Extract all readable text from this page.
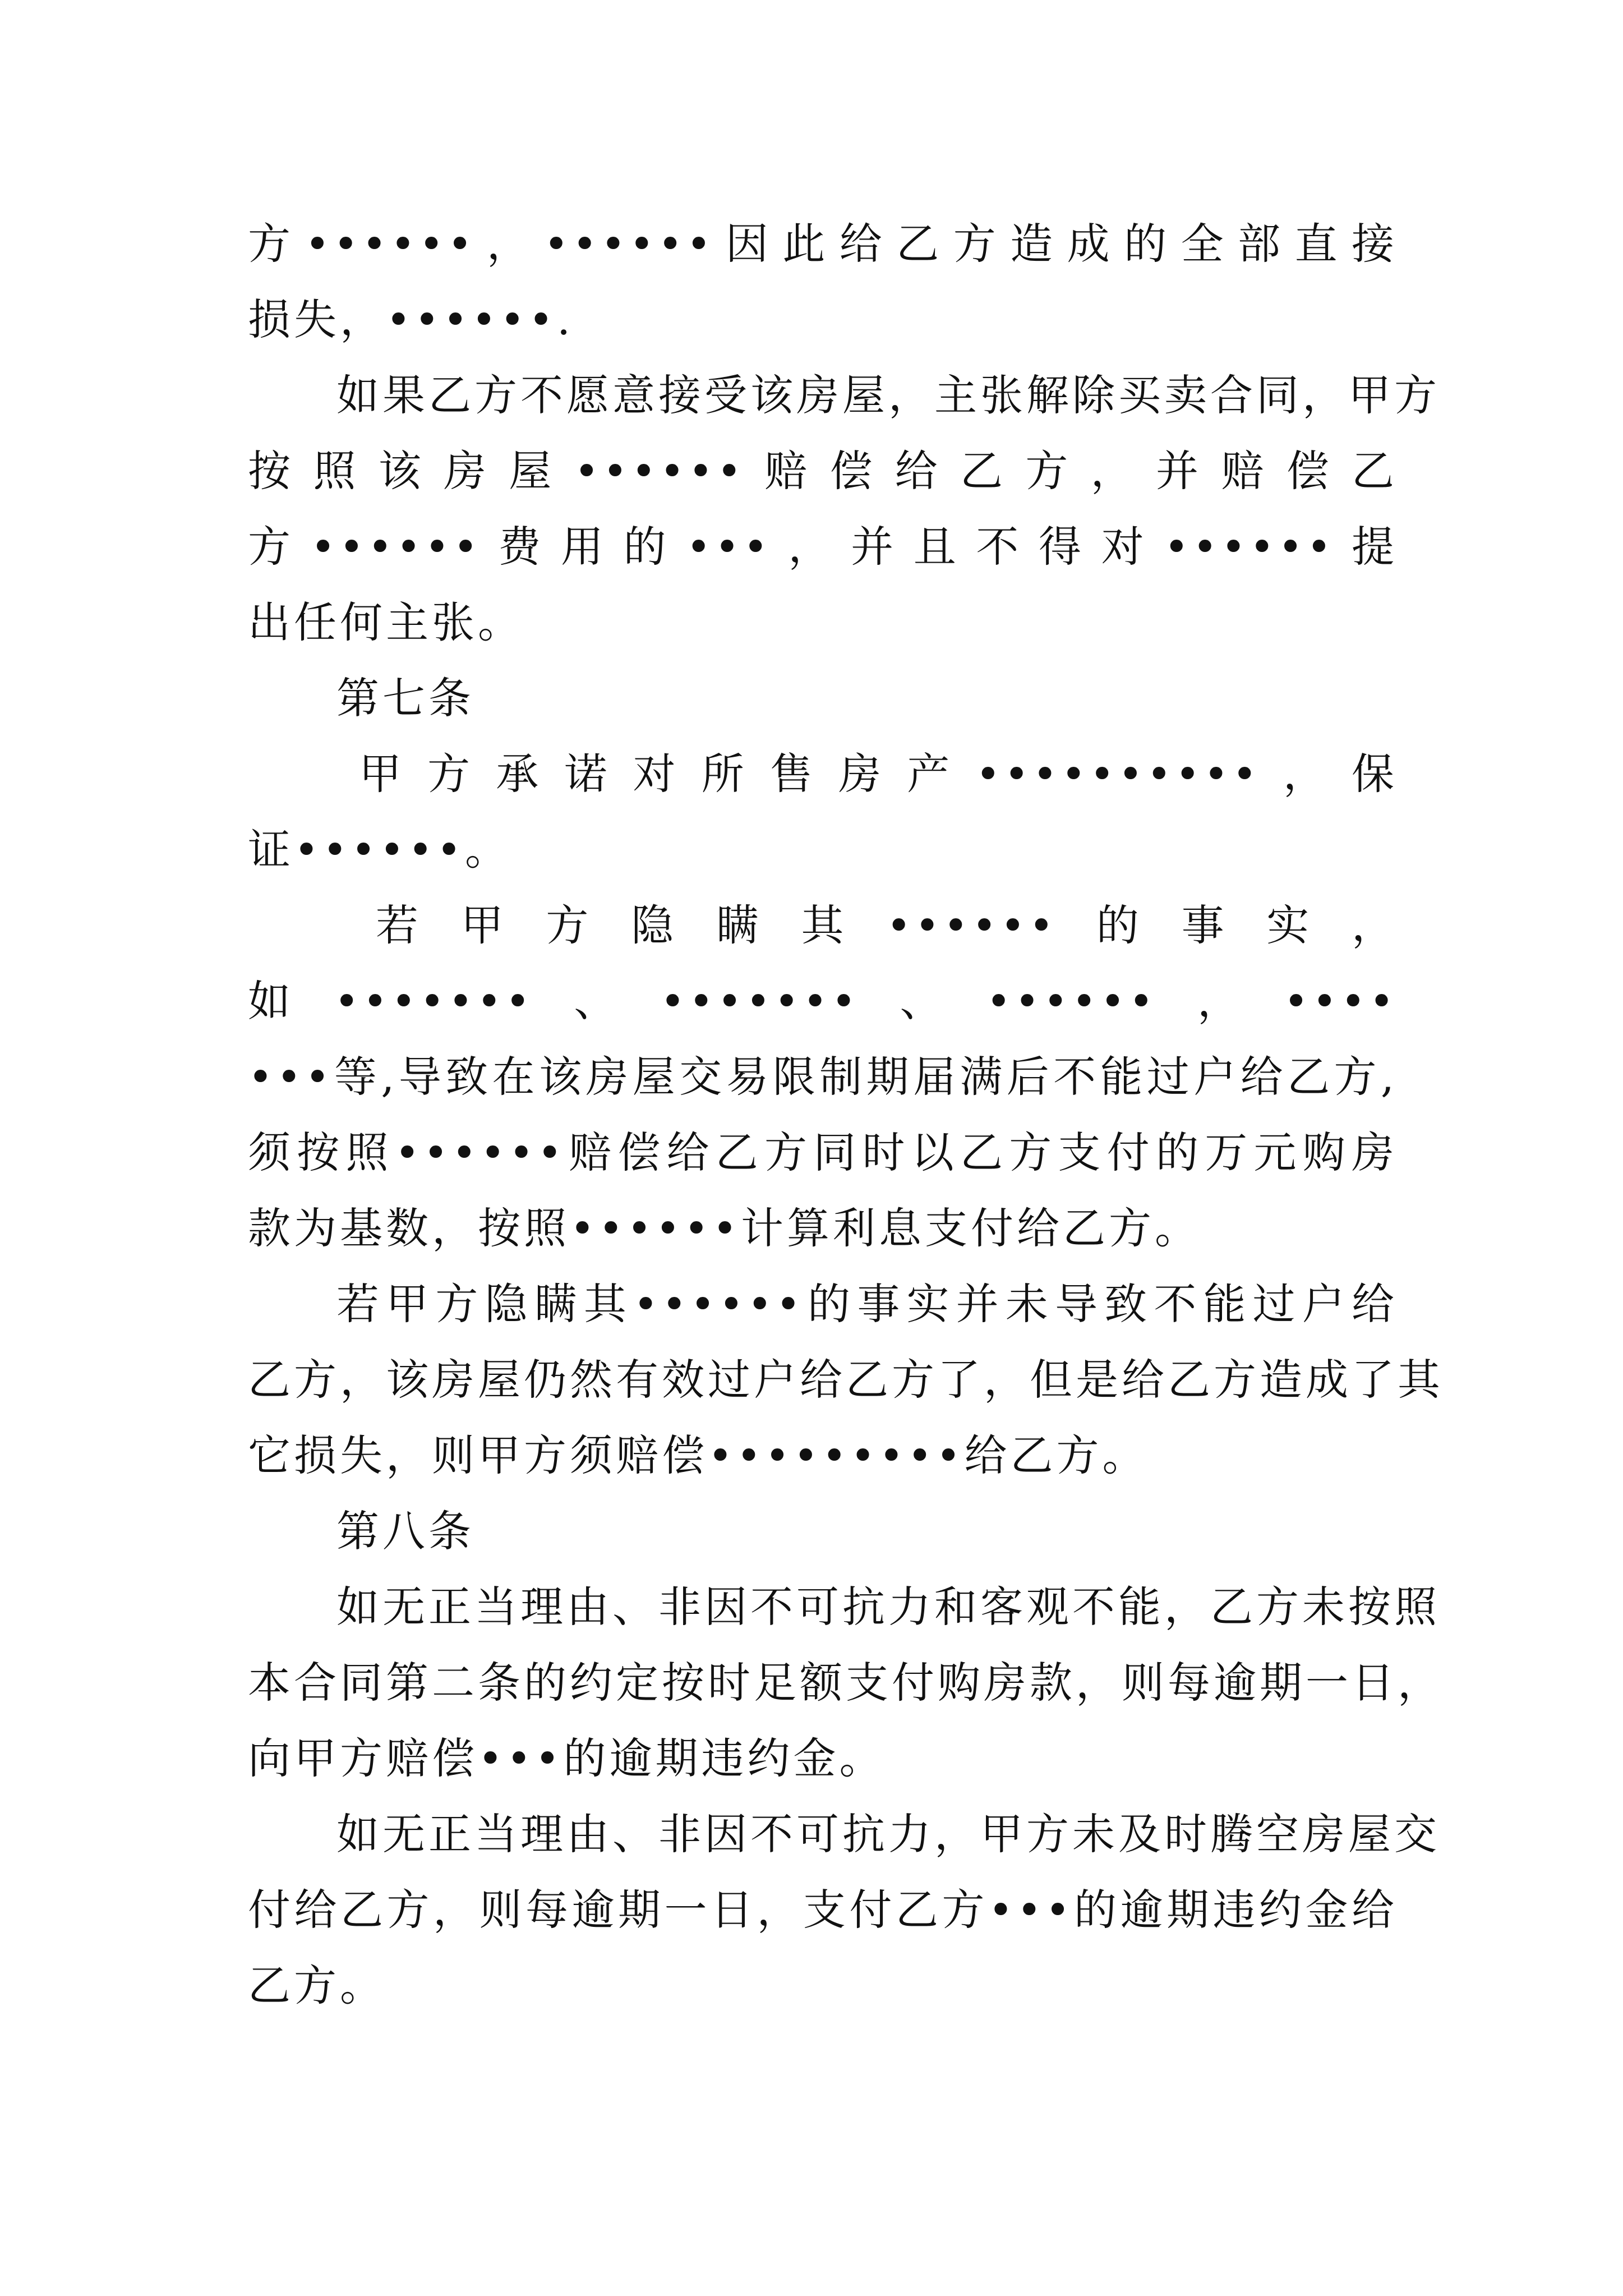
方••••••，••••••因此给乙方造成的全部直接
损失，••••••.
如果乙方不愿意接受该房屋，主张解除买卖合同，甲方
按照该房屋••••••赔偿给乙方，并赔偿乙
方••••••费用的•••，并且不得对••••••提
出任何主张。
第七条
甲方承诺对所售房产••••••••••，保
证••••••。
若甲方隐瞒其••••••的事实，
如•••••••、•••••••、••••••，••••
•••等,导致在该房屋交易限制期届满后不能过户给乙方,
须按照••••••赔偿给乙方同时以乙方支付的万元购房
款为基数，按照••••••计算利息支付给乙方。
若甲方隐瞒其••••••的事实并未导致不能过户给
乙方，该房屋仍然有效过户给乙方了，但是给乙方造成了其
它损失，则甲方须赔偿•••••••••给乙方。
第八条
如无正当理由、非因不可抗力和客观不能，乙方未按照
本合同第二条的约定按时足额支付购房款，则每逾期一日，
向甲方赔偿•••的逾期违约金。
如无正当理由、非因不可抗力，甲方未及时腾空房屋交
付给乙方，则每逾期一日，支付乙方•••的逾期违约金给
乙方。
